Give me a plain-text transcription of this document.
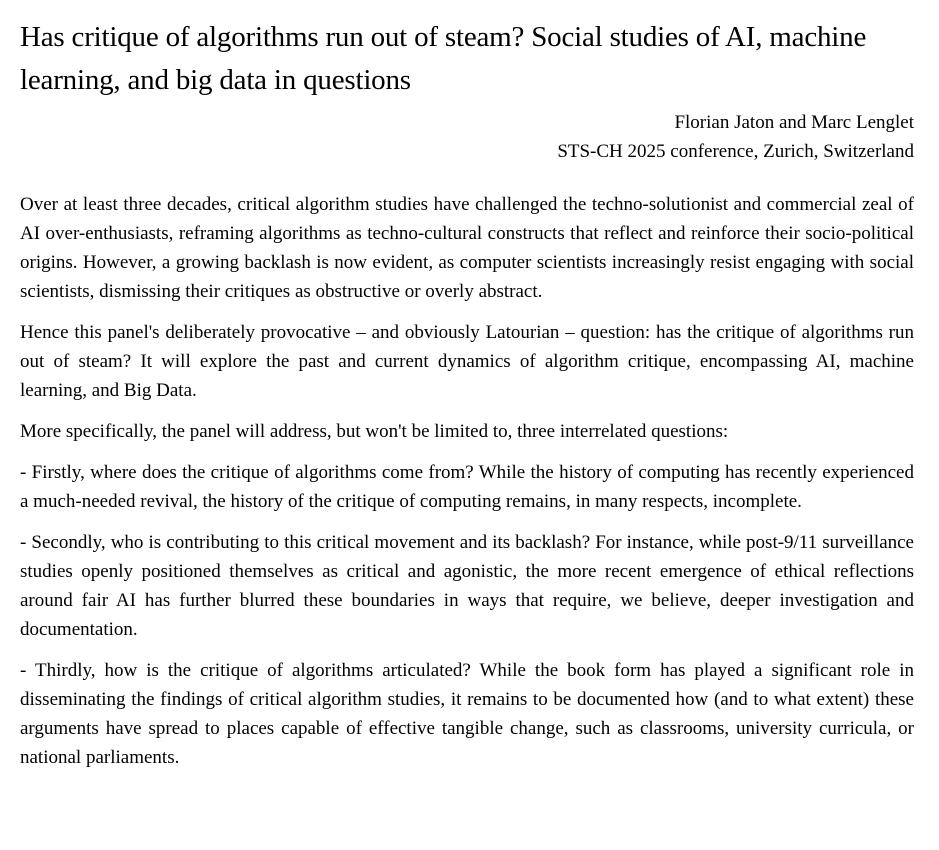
Has critique of algorithms run out of steam? Social studies of AI, machine learning, and big data in questions
Florian Jaton and Marc Lenglet
STS-CH 2025 conference, Zurich, Switzerland

Over at least three decades, critical algorithm studies have challenged the techno-solutionist and commercial zeal of AI over-enthusiasts, reframing algorithms as techno-cultural constructs that reflect and reinforce their socio-political origins. However, a growing backlash is now evident, as computer scientists increasingly resist engaging with social scientists, dismissing their critiques as obstructive or overly abstract.

Hence this panel's deliberately provocative – and obviously Latourian – question: has the critique of algorithms run out of steam? It will explore the past and current dynamics of algorithm critique, encompassing AI, machine learning, and Big Data.

More specifically, the panel will address, but won't be limited to, three interrelated questions:

- Firstly, where does the critique of algorithms come from? While the history of computing has recently experienced a much-needed revival, the history of the critique of computing remains, in many respects, incomplete.

- Secondly, who is contributing to this critical movement and its backlash? For instance, while post-9/11 surveillance studies openly positioned themselves as critical and agonistic, the more recent emergence of ethical reflections around fair AI has further blurred these boundaries in ways that require, we believe, deeper investigation and documentation.

- Thirdly, how is the critique of algorithms articulated? While the book form has played a significant role in disseminating the findings of critical algorithm studies, it remains to be documented how (and to what extent) these arguments have spread to places capable of effective tangible change, such as classrooms, university curricula, or national parliaments.
